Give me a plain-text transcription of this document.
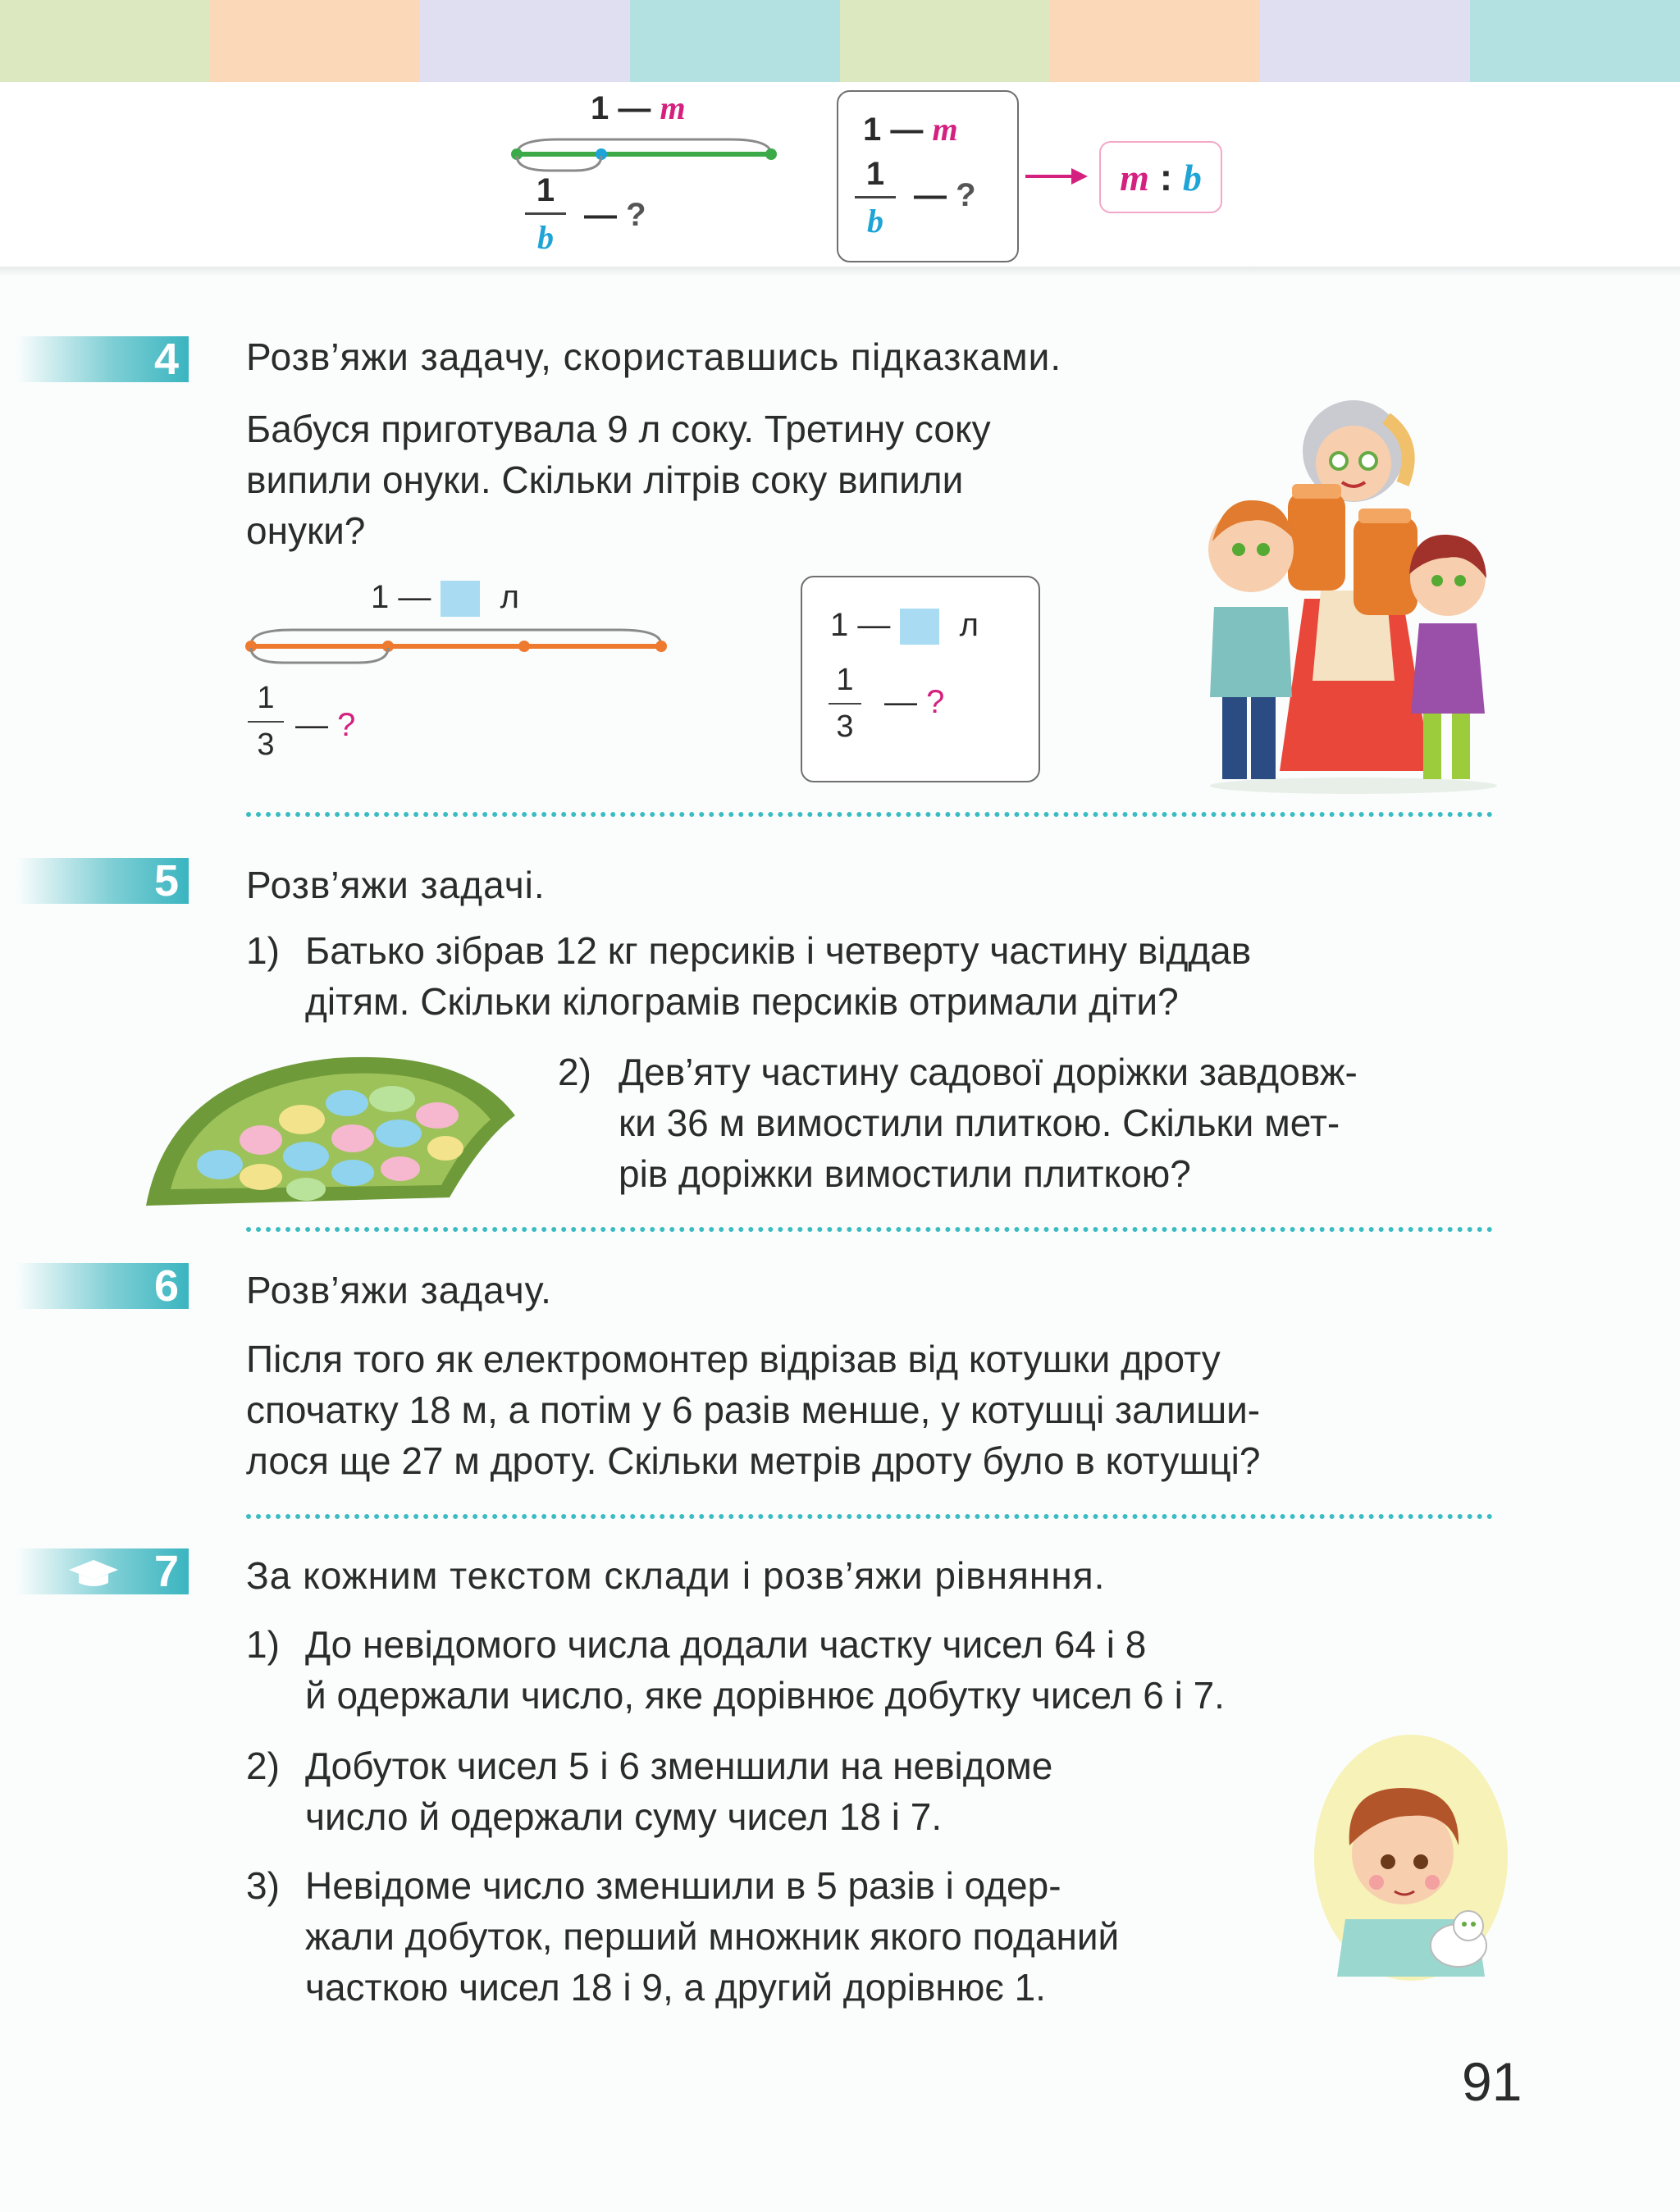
1 — m
1
b
— ?
1 — m
1
b
— ?	m : b
4 Розв’яжи задачу, скориставшись підказками.
Бабуся приготувала 9 л соку. Третину соку
випили онуки. Скільки літрів соку випили
онуки?
1 — л
1
3
— ?
1 — л
1
3
— ?
5 Розв’яжи задачі.
1) Батько зібрав 12 кг персиків і четверту частину віддав
дітям. Скільки кілограмів персиків отримали діти?
2) Дев’яту частину садової доріжки завдовж-
ки 36 м вимостили плиткою. Скільки мет-
рів доріжки вимостили плиткою?
6 Розв’яжи задачу.
Після того як електромонтер відрізав від котушки дроту
спочатку 18 м, а потім у 6 разів менше, у котушці залиши-
лося ще 27 м дроту. Скільки метрів дроту було в котушці?
7 За кожним текстом склади і розв’яжи рівняння.
1) До невідомого числа додали частку чисел 64 і 8
й одержали число, яке дорівнює добутку чисел 6 і 7.
2) Добуток чисел 5 і 6 зменшили на невідоме
число й одержали суму чисел 18 і 7.
3) Невідоме число зменшили в 5 разів і одер-
жали добуток, перший множник якого поданий
часткою чисел 18 і 9, а другий дорівнює 1.
91
